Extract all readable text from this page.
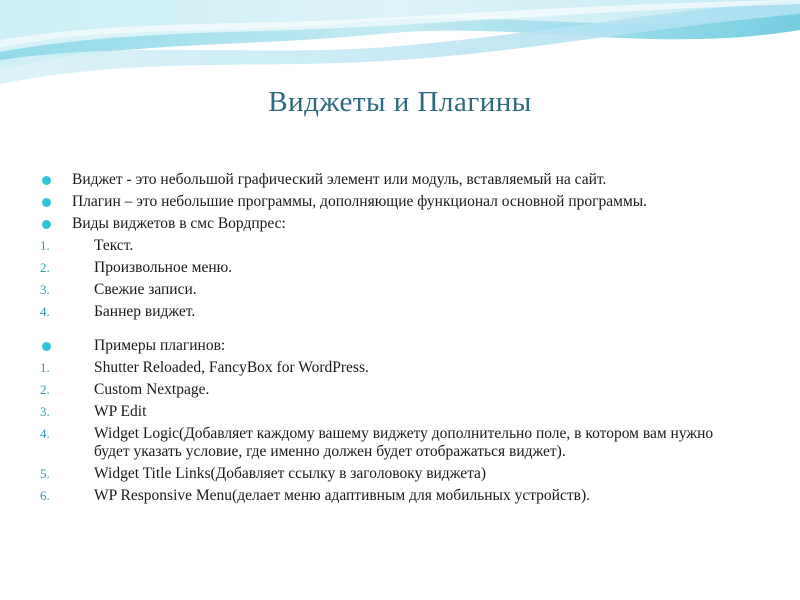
Виджеты и Плагины
Виджет - это небольшой графический элемент или модуль, вставляемый на сайт.
Плагин – это небольшие программы, дополняющие функционал основной программы.
Виды виджетов в смс Вордпрес:
1.	Текст.
2.	Произвольное меню.
3.	Свежие записи.
4.	Баннер виджет.
Примеры плагинов:
1.	Shutter Reloaded, FancyBox for WordPress.
2.	Custom Nextpage.
3.	WP Edit
4.	Widget Logic(Добавляет каждому вашему виджету дополнительно поле, в котором вам нужно будет указать условие, где именно должен будет отображаться виджет).
5.	Widget Title Links(Добавляет ссылку в заголовоку виджета)
6.	WP Responsive Menu(делает меню адаптивным для мобильных устройств).
